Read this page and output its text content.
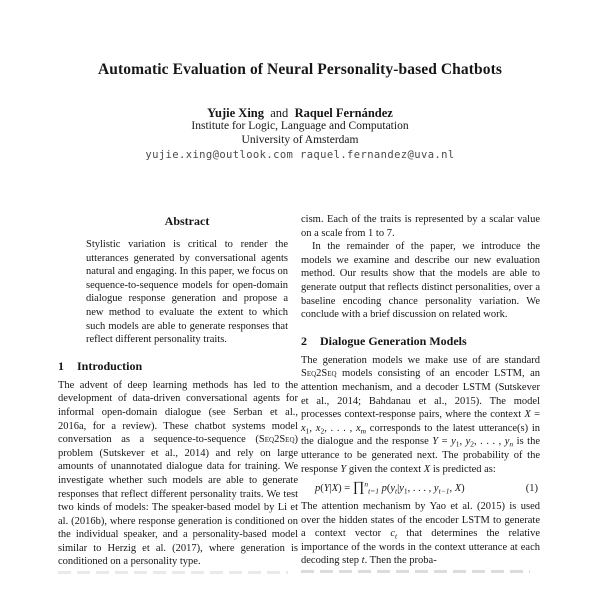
Automatic Evaluation of Neural Personality-based Chatbots
Yujie Xing  and  Raquel Fernández
Institute for Logic, Language and Computation
University of Amsterdam
yujie.xing@outlook.com raquel.fernandez@uva.nl
Abstract

Stylistic variation is critical to render the utterances generated by conversational agents natural and engaging. In this paper, we focus on sequence-to-sequence models for open-domain dialogue response generation and propose a new method to evaluate the extent to which such models are able to generate responses that reflect different personality traits.

1 Introduction

The advent of deep learning methods has led to the development of data-driven conversational agents for informal open-domain dialogue (see Serban et al., 2016a, for a review). These chatbot systems model conversation as a sequence-to-sequence (Seq2Seq) problem (Sutskever et al., 2014) and rely on large amounts of unannotated dialogue data for training. We investigate whether such models are able to generate responses that reflect different personality traits. We test two kinds of models: The speaker-based model by Li et al. (2016b), where response generation is conditioned on the individual speaker, and a personality-based model similar to Herzig et al. (2017), where generation is conditioned on a personality type.

cism. Each of the traits is represented by a scalar value on a scale from 1 to 7.

In the remainder of the paper, we introduce the models we examine and describe our new evaluation method. Our results show that the models are able to generate output that reflects distinct personalities, over a baseline encoding chance personality variation. We conclude with a brief discussion on related work.

2 Dialogue Generation Models

The generation models we make use of are standard Seq2Seq models consisting of an encoder LSTM, an attention mechanism, and a decoder LSTM (Sutskever et al., 2014; Bahdanau et al., 2015). The model processes context-response pairs, where the context $X = x_1$, $x_2$, . . . , $x_m$ corresponds to the latest utterance(s) in the dialogue and the response $Y = y_1$, $y_2$, . . . , $y_n$ is the utterance to be generated next. The probability of the response Y given the context X is predicted as:

p(Y|X) = ∏$^n_{t=1}$ $p(y_t|y_1$, . . . , $y_{t-1}$, X)	(1)

The attention mechanism by Yao et al. (2015) is used over the hidden states of the encoder LSTM to generate a context vector $c_t$ that determines the relative importance of the words in the context utterance at each decoding step t. Then the proba-
